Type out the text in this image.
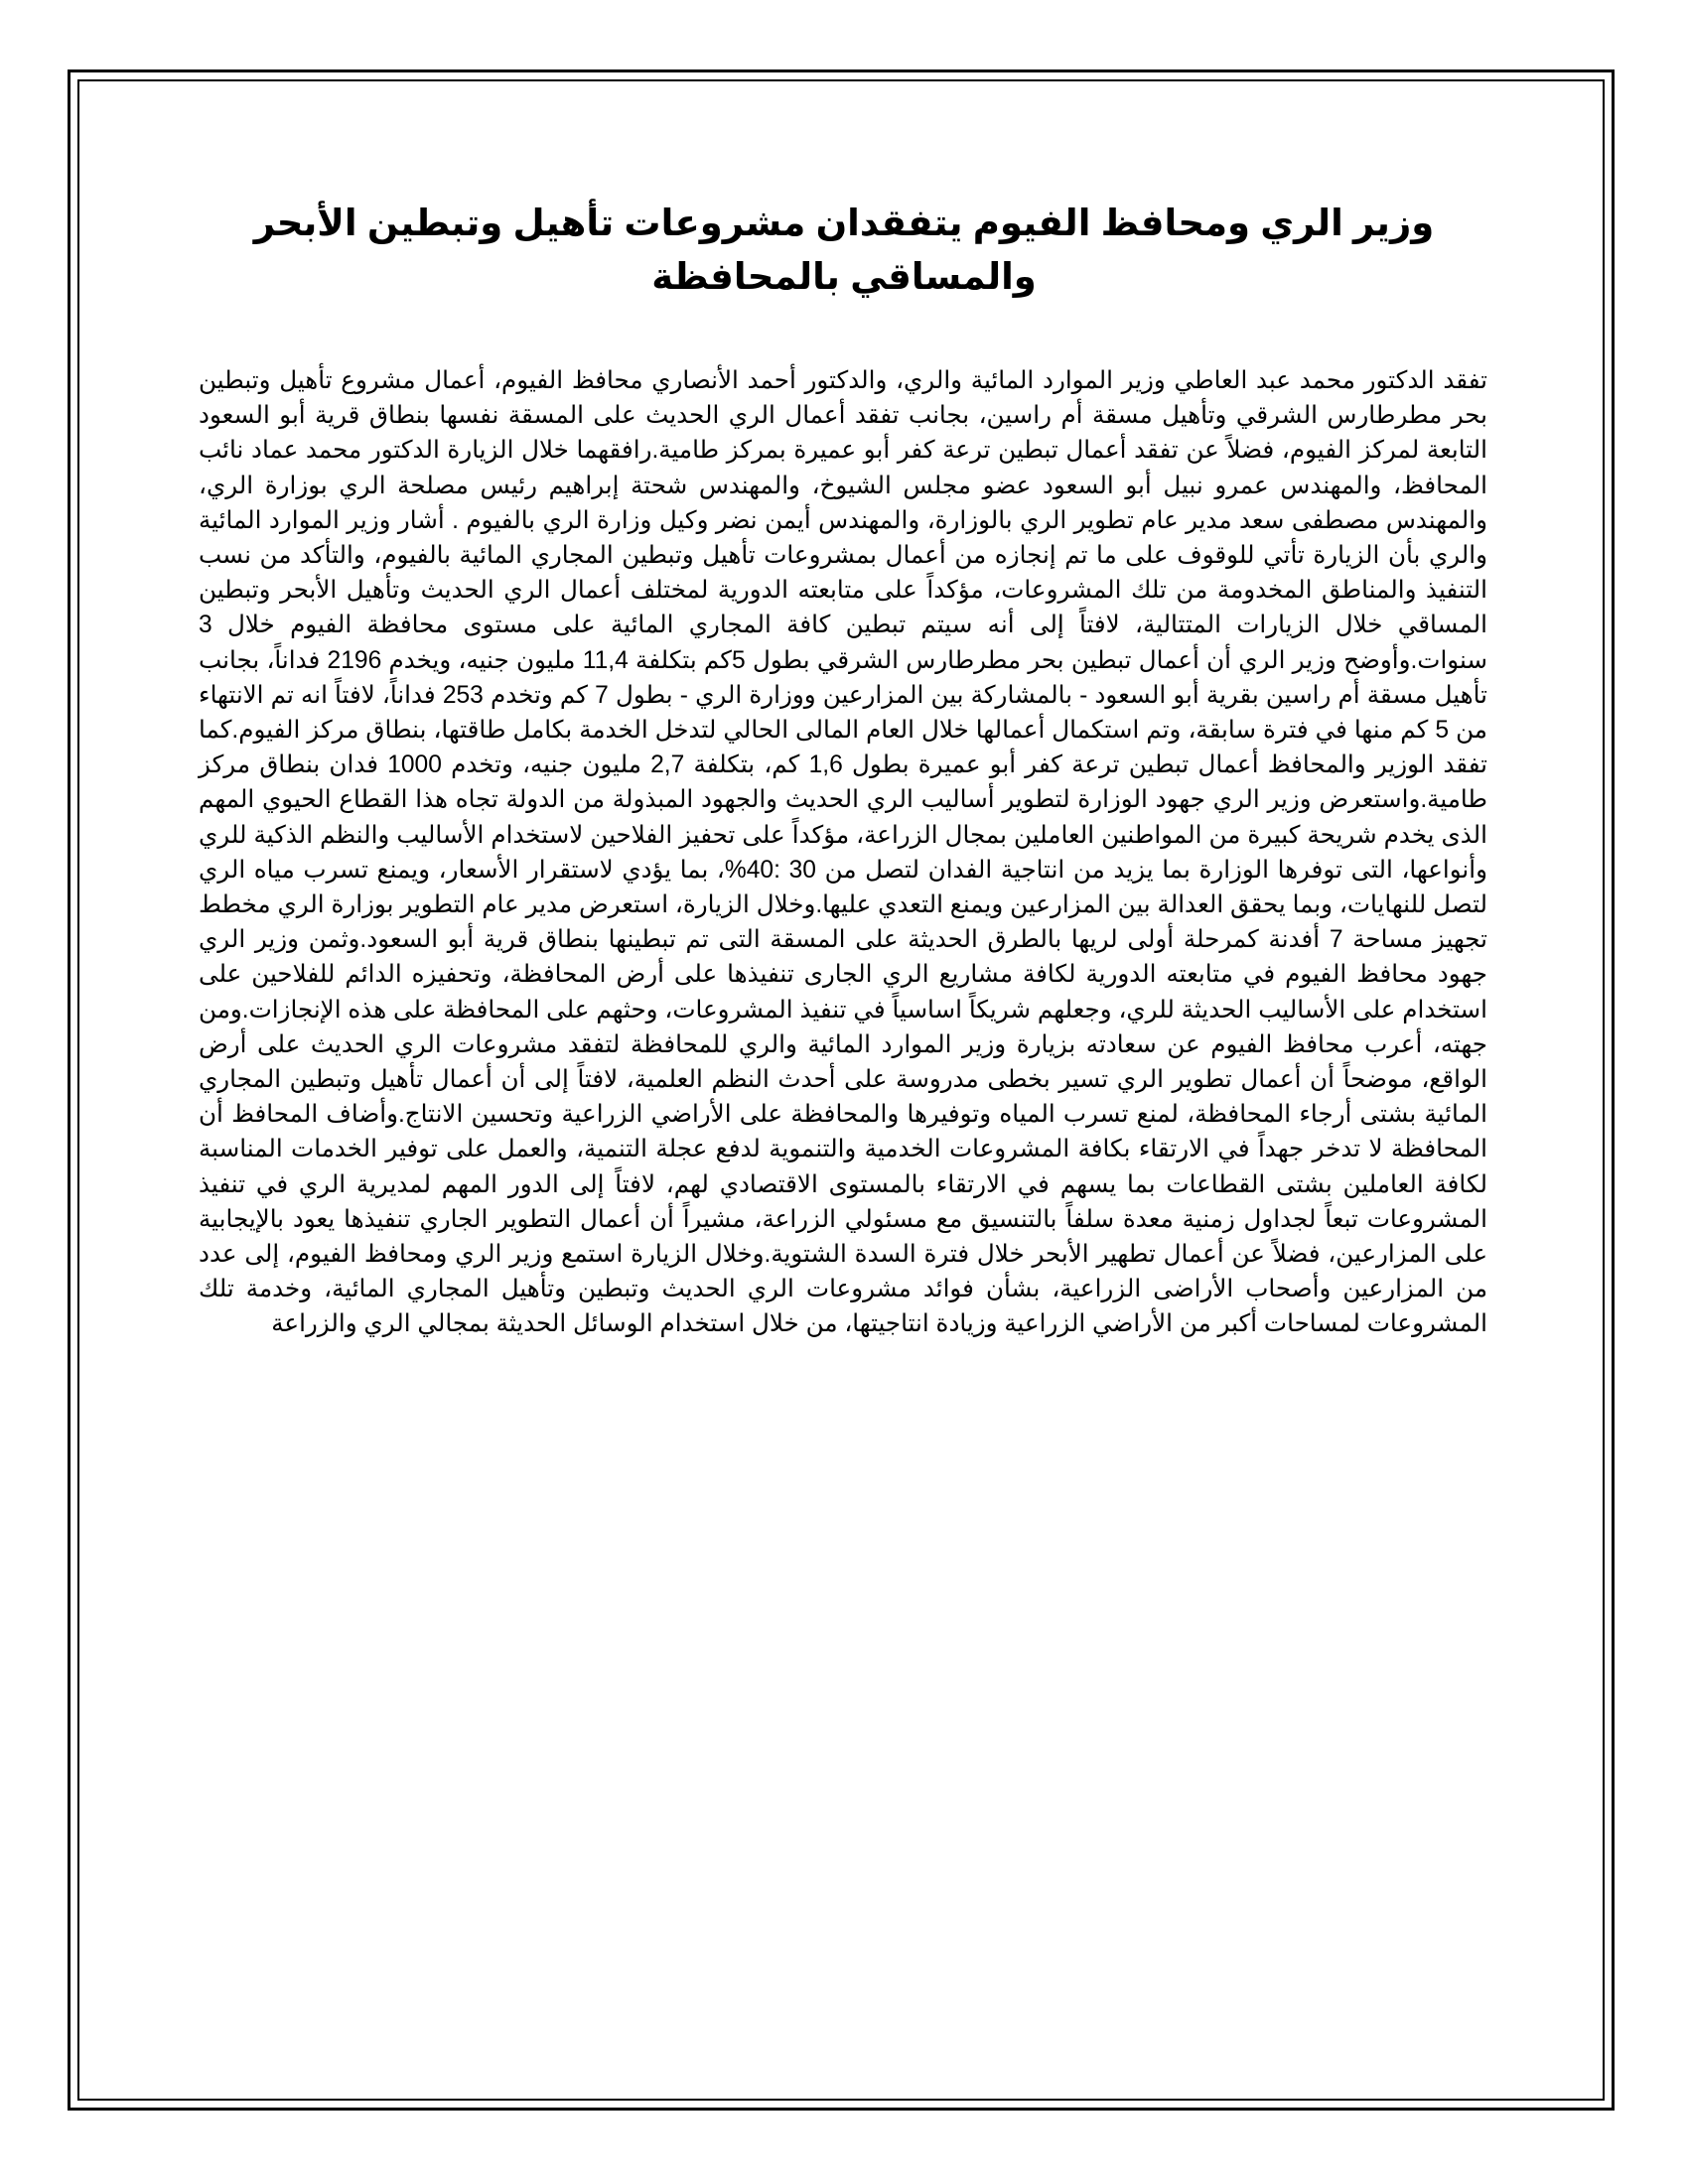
وزير الري ومحافظ الفيوم يتفقدان مشروعات تأهيل وتبطين الأبحر والمساقي بالمحافظة

تفقد الدكتور محمد عبد العاطي وزير الموارد المائية والري، والدكتور أحمد الأنصاري محافظ الفيوم، أعمال مشروع تأهيل وتبطين بحر مطرطارس الشرقي وتأهيل مسقة أم راسين، بجانب تفقد أعمال الري الحديث على المسقة نفسها بنطاق قرية أبو السعود التابعة لمركز الفيوم، فضلاً عن تفقد أعمال تبطين ترعة كفر أبو عميرة بمركز طامية.رافقهما خلال الزيارة الدكتور محمد عماد نائب المحافظ، والمهندس عمرو نبيل أبو السعود عضو مجلس الشيوخ، والمهندس شحتة إبراهيم رئيس مصلحة الري بوزارة الري، والمهندس مصطفى سعد مدير عام تطوير الري بالوزارة، والمهندس أيمن نضر وكيل وزارة الري بالفيوم . أشار وزير الموارد المائية والري بأن الزيارة تأتي للوقوف على ما تم إنجازه من أعمال بمشروعات تأهيل وتبطين المجاري المائية بالفيوم، والتأكد من نسب التنفيذ والمناطق المخدومة من تلك المشروعات، مؤكداً على متابعته الدورية لمختلف أعمال الري الحديث وتأهيل الأبحر وتبطين المساقي خلال الزيارات المتتالية، لافتاً إلى أنه سيتم تبطين كافة المجاري المائية على مستوى محافظة الفيوم خلال 3 سنوات.وأوضح وزير الري أن أعمال تبطين بحر مطرطارس الشرقي بطول 5كم بتكلفة 11,4 مليون جنيه، ويخدم 2196 فداناً، بجانب تأهيل مسقة أم راسين بقرية أبو السعود - بالمشاركة بين المزارعين ووزارة الري - بطول 7 كم وتخدم 253 فداناً، لافتاً انه تم الانتهاء من 5 كم منها في فترة سابقة، وتم استكمال أعمالها خلال العام المالى الحالي لتدخل الخدمة بكامل طاقتها، بنطاق مركز الفيوم.كما تفقد الوزير والمحافظ أعمال تبطين ترعة كفر أبو عميرة بطول 1,6 كم، بتكلفة 2,7 مليون جنيه، وتخدم 1000 فدان بنطاق مركز طامية.واستعرض وزير الري جهود الوزارة لتطوير أساليب الري الحديث والجهود المبذولة من الدولة تجاه هذا القطاع الحيوي المهم الذى يخدم شريحة كبيرة من المواطنين العاملين بمجال الزراعة، مؤكداً على تحفيز الفلاحين لاستخدام الأساليب والنظم الذكية للري وأنواعها، التى توفرها الوزارة بما يزيد من انتاجية الفدان لتصل من 30 :40%، بما يؤدي لاستقرار الأسعار، ويمنع تسرب مياه الري لتصل للنهايات، وبما يحقق العدالة بين المزارعين ويمنع التعدي عليها.وخلال الزيارة، استعرض مدير عام التطوير بوزارة الري مخطط تجهيز مساحة 7 أفدنة كمرحلة أولى لريها بالطرق الحديثة على المسقة التى تم تبطينها بنطاق قرية أبو السعود.وثمن وزير الري جهود محافظ الفيوم في متابعته الدورية لكافة مشاريع الري الجارى تنفيذها على أرض المحافظة، وتحفيزه الدائم للفلاحين على استخدام على الأساليب الحديثة للري، وجعلهم شريكاً اساسياً في تنفيذ المشروعات، وحثهم على المحافظة على هذه الإنجازات.ومن جهته، أعرب محافظ الفيوم عن سعادته بزيارة وزير الموارد المائية والري للمحافظة لتفقد مشروعات الري الحديث على أرض الواقع، موضحاً أن أعمال تطوير الري تسير بخطى مدروسة على أحدث النظم العلمية، لافتاً إلى أن أعمال تأهيل وتبطين المجاري المائية بشتى أرجاء المحافظة، لمنع تسرب المياه وتوفيرها والمحافظة على الأراضي الزراعية وتحسين الانتاج.وأضاف المحافظ أن المحافظة لا تدخر جهداً في الارتقاء بكافة المشروعات الخدمية والتنموية لدفع عجلة التنمية، والعمل على توفير الخدمات المناسبة لكافة العاملين بشتى القطاعات بما يسهم في الارتقاء بالمستوى الاقتصادي لهم، لافتاً إلى الدور المهم لمديرية الري في تنفيذ المشروعات تبعاً لجداول زمنية معدة سلفاً بالتنسيق مع مسئولي الزراعة، مشيراً أن أعمال التطوير الجاري تنفيذها يعود بالإيجابية على المزارعين، فضلاً عن أعمال تطهير الأبحر خلال فترة السدة الشتوية.وخلال الزيارة استمع وزير الري ومحافظ الفيوم، إلى عدد من المزارعين وأصحاب الأراضى الزراعية، بشأن فوائد مشروعات الري الحديث وتبطين وتأهيل المجاري المائية، وخدمة تلك المشروعات لمساحات أكبر من الأراضي الزراعية وزيادة انتاجيتها، من خلال استخدام الوسائل الحديثة بمجالي الري والزراعة
